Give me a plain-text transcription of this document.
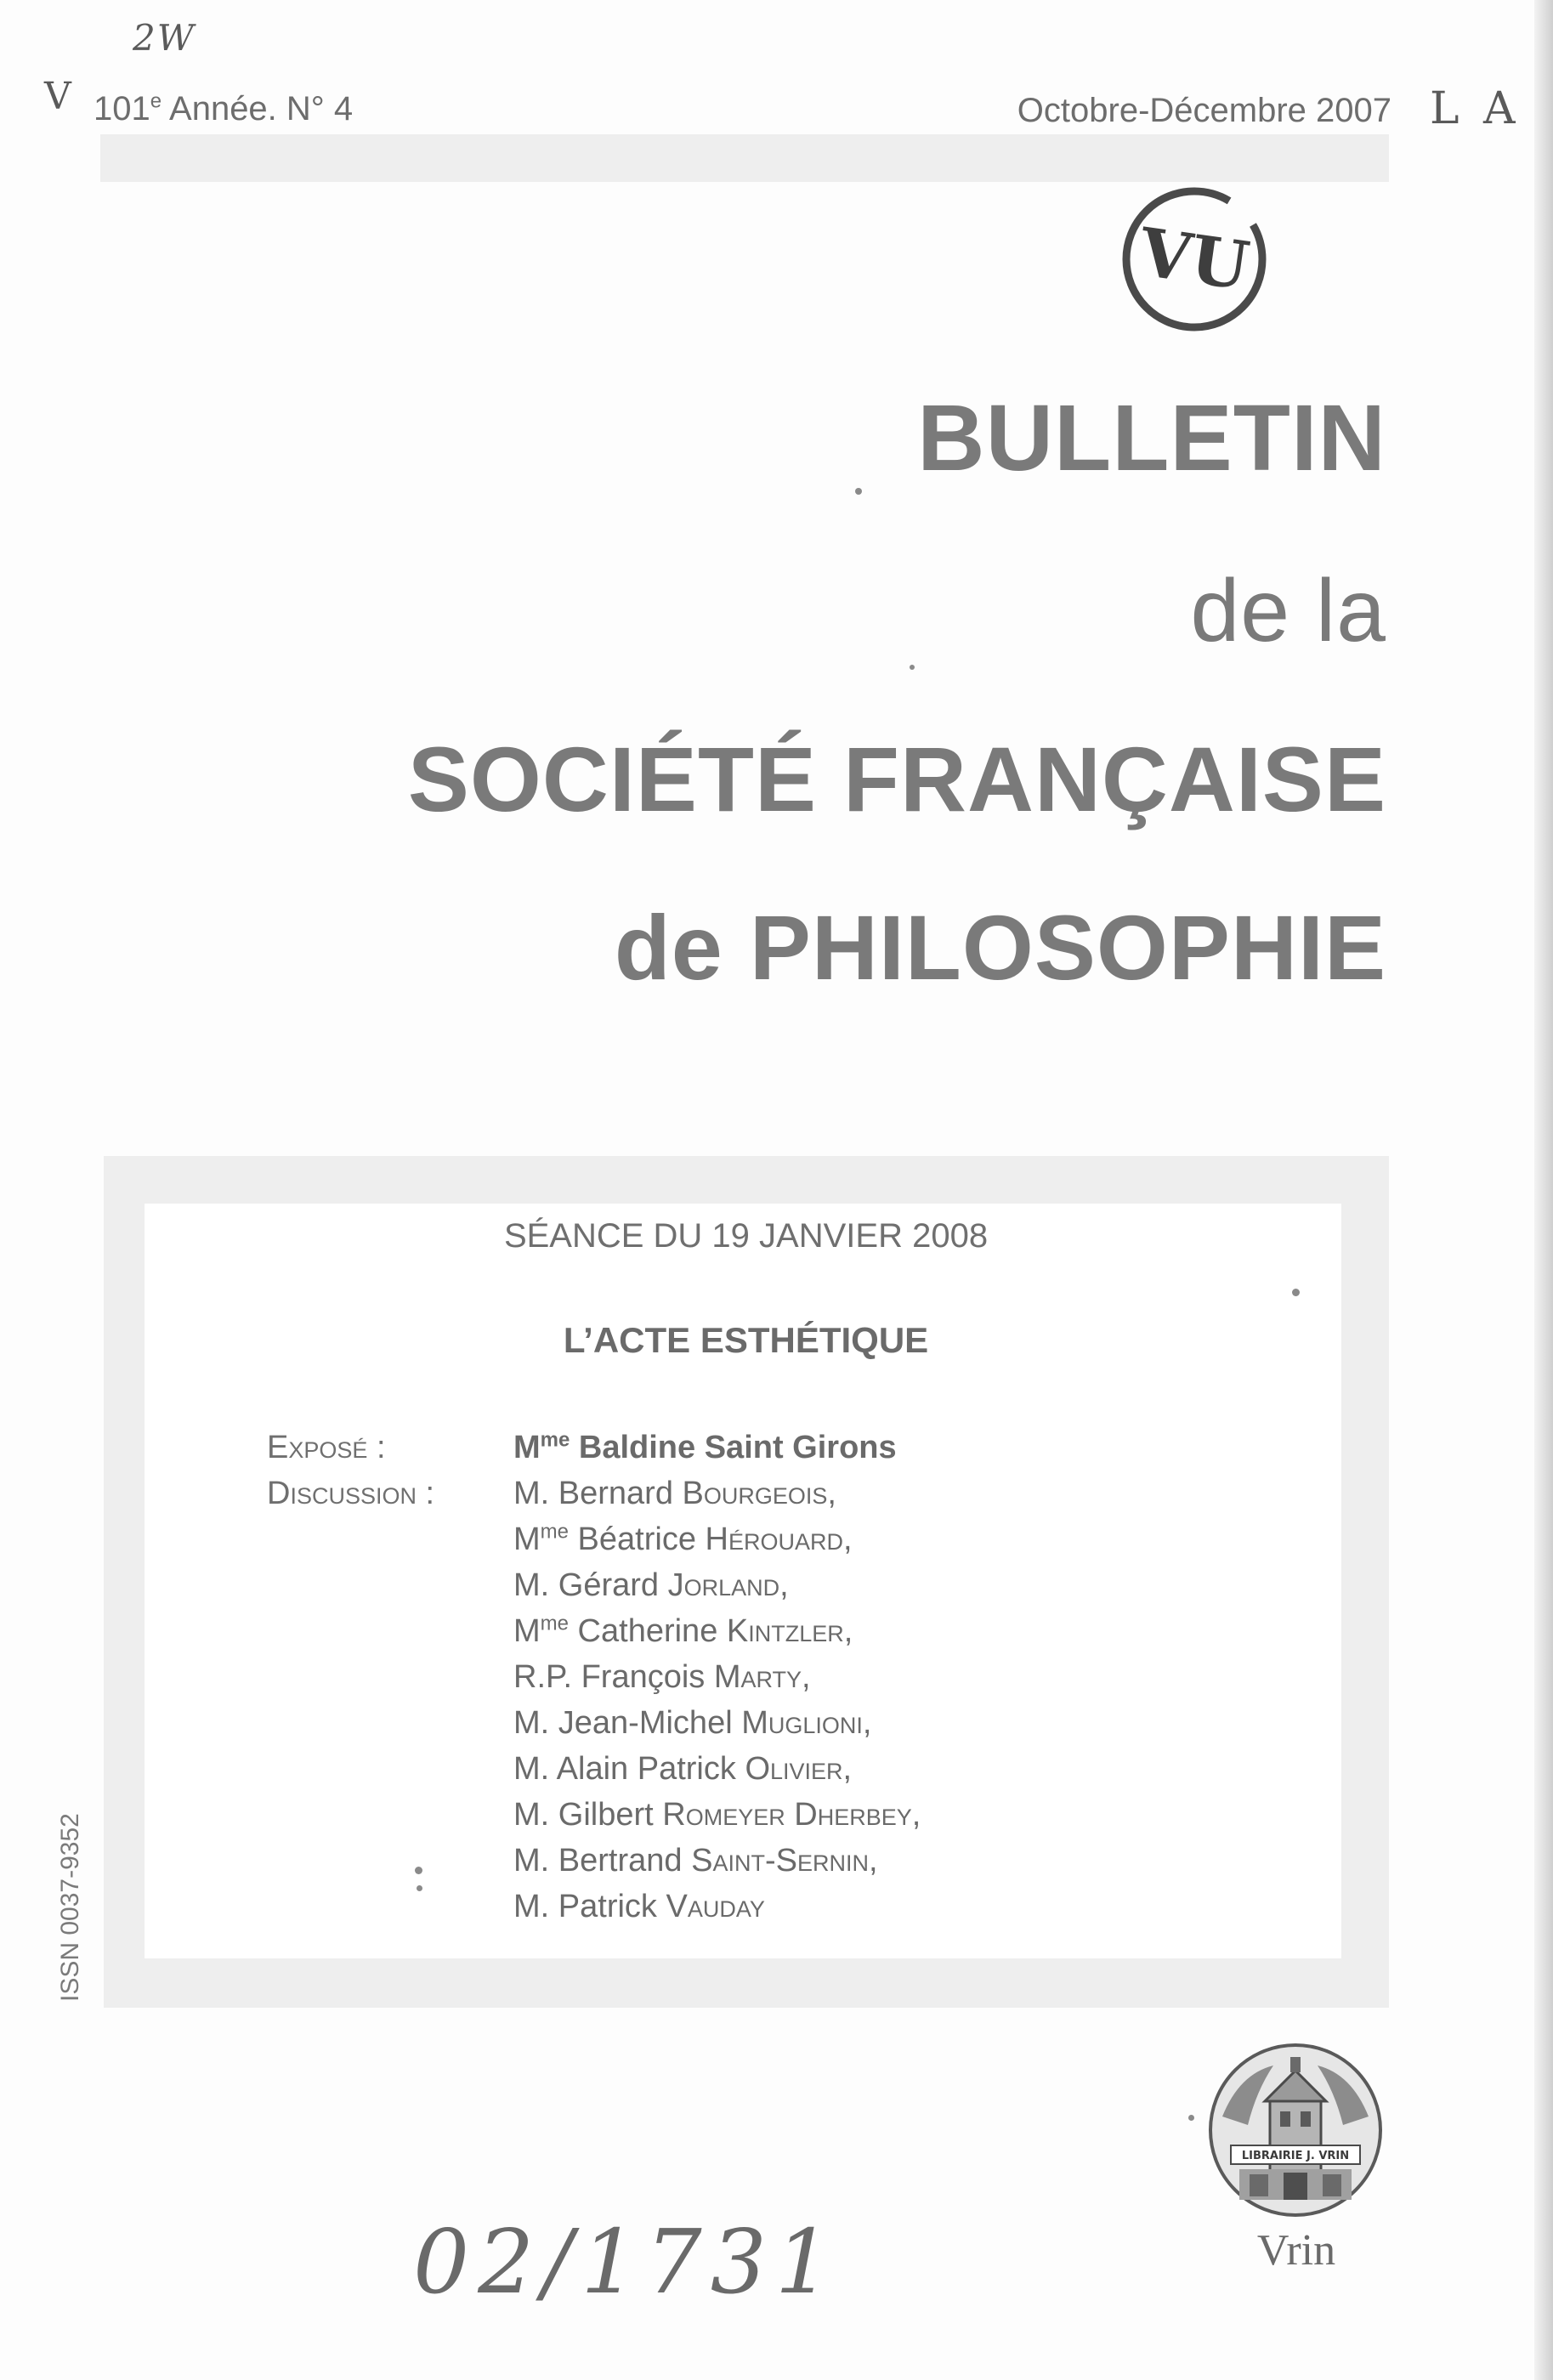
2W
V	L A
101e Année. N° 4	Octobre-Décembre 2007
VU
BULLETIN
de la
SOCIÉTÉ FRANÇAISE
de PHILOSOPHIE
SÉANCE DU 19 JANVIER 2008
L’ACTE ESTHÉTIQUE
Exposé :
Discussion :
$M^{me}$ Baldine Saint Girons
M. Bernard Bourgeois,
$M^{me}$ Béatrice Hérouard,
M. Gérard Jorland,
$M^{me}$ Catherine Kintzler,
R.P. François Marty,
M. Jean-Michel Muglioni,
M. Alain Patrick Olivier,
M. Gilbert Romeyer Dherbey,
M. Bertrand Saint-Sernin,
M. Patrick Vauday
ISSN 0037-9352
LIBRAIRIE J. VRIN
Vrin
02/1731
